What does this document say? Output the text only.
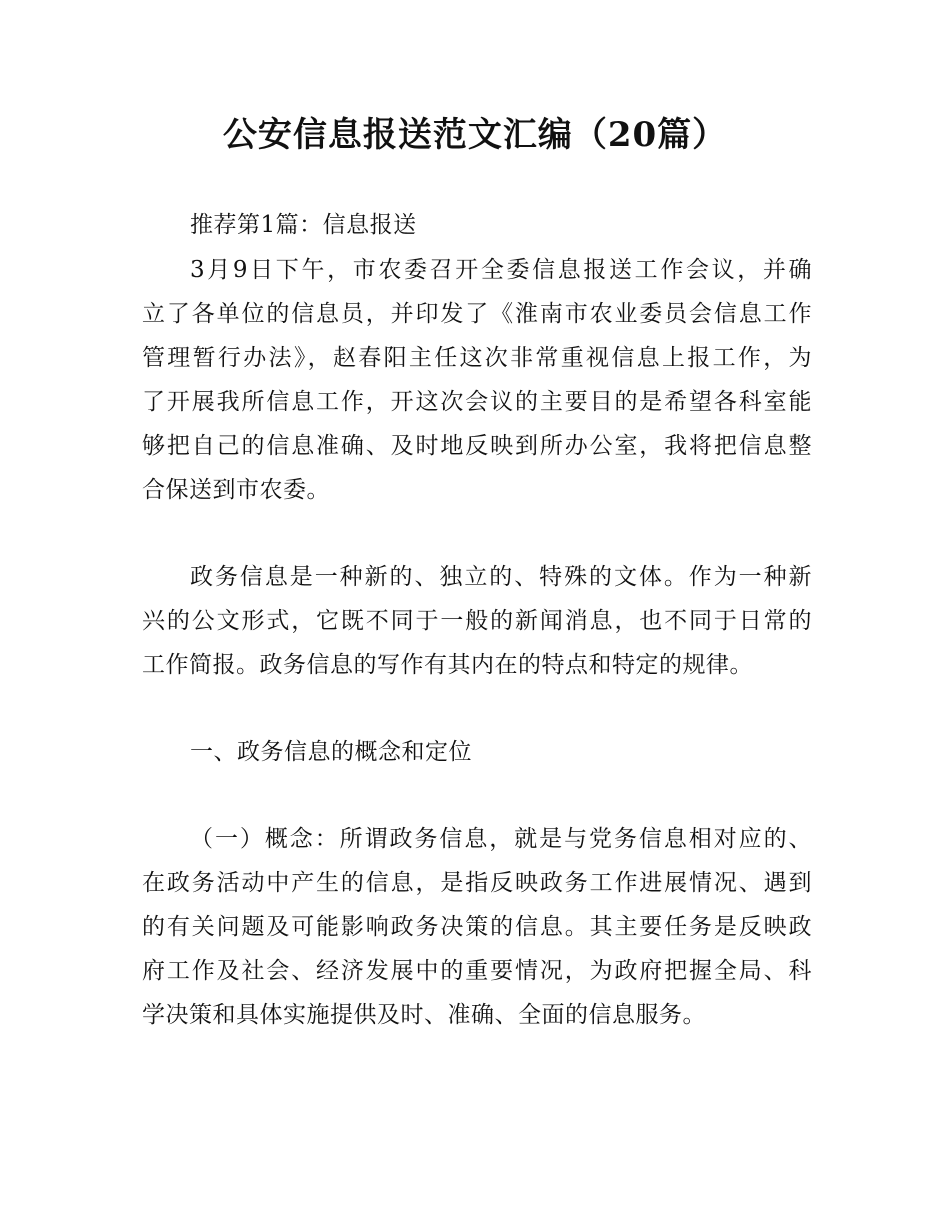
公安信息报送范文汇编（20篇）
推荐第1篇：信息报送
3月9日下午，市农委召开全委信息报送工作会议，并确
立了各单位的信息员，并印发了《淮南市农业委员会信息工作
管理暂行办法》，赵春阳主任这次非常重视信息上报工作，为
了开展我所信息工作，开这次会议的主要目的是希望各科室能
够把自己的信息准确、及时地反映到所办公室，我将把信息整
合保送到市农委。
政务信息是一种新的、独立的、特殊的文体。作为一种新
兴的公文形式，它既不同于一般的新闻消息，也不同于日常的
工作简报。政务信息的写作有其内在的特点和特定的规律。
一、政务信息的概念和定位
（一）概念：所谓政务信息，就是与党务信息相对应的、
在政务活动中产生的信息，是指反映政务工作进展情况、遇到
的有关问题及可能影响政务决策的信息。其主要任务是反映政
府工作及社会、经济发展中的重要情况，为政府把握全局、科
学决策和具体实施提供及时、准确、全面的信息服务。
